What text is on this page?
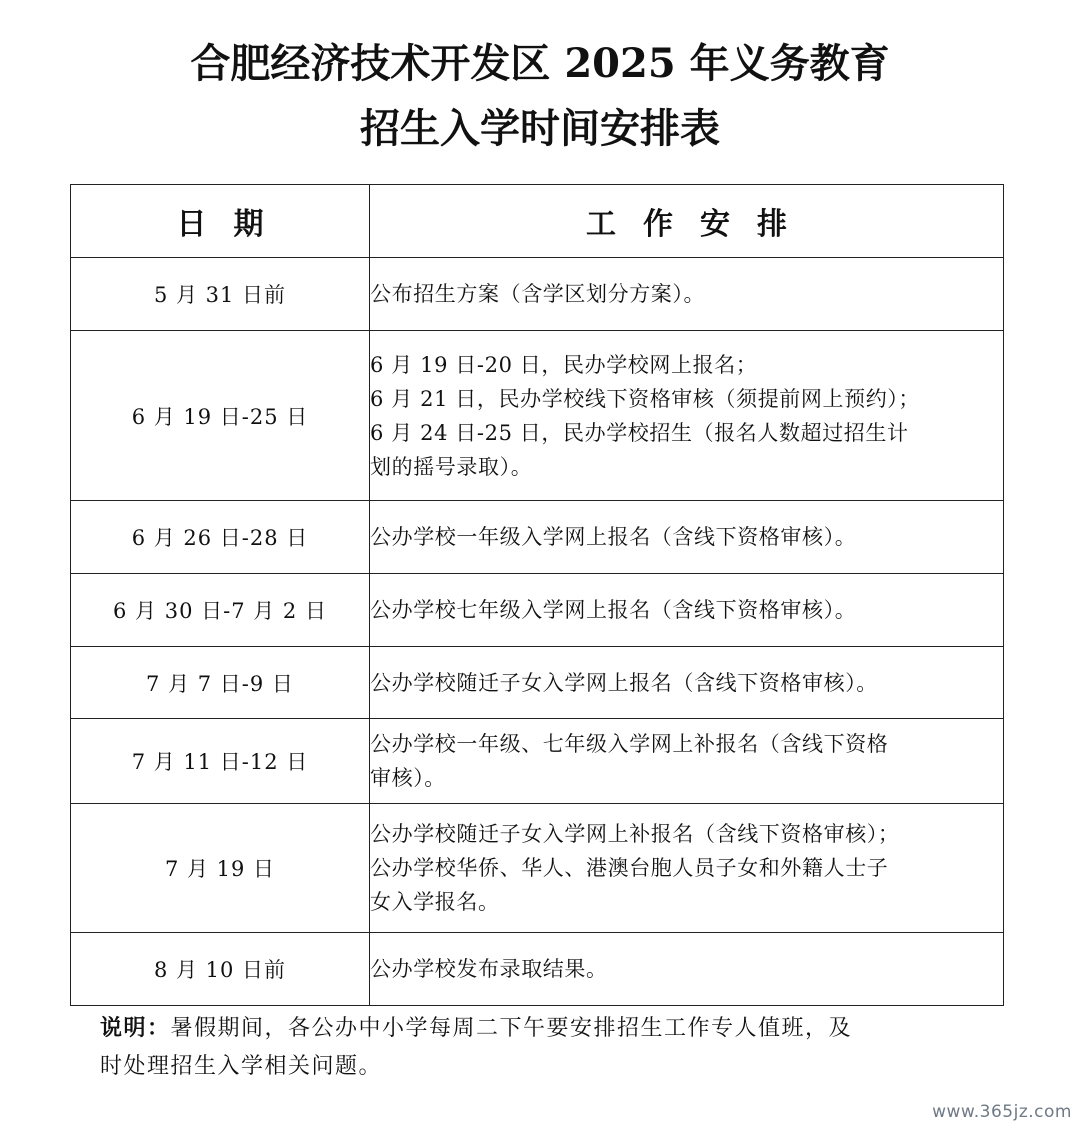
合肥经济技术开发区 2025 年义务教育
招生入学时间安排表
日期	工作安排
5 月 31 日前	公布招生方案（含学区划分方案）。

6 月 19 日-25 日	6 月 19 日-20 日，民办学校网上报名；
6 月 21 日，民办学校线下资格审核（须提前网上预约）；
6 月 24 日-25 日，民办学校招生（报名人数超过招生计
划的摇号录取）。

6 月 26 日-28 日	公办学校一年级入学网上报名（含线下资格审核）。

6 月 30 日-7 月 2 日	公办学校七年级入学网上报名（含线下资格审核）。

7 月 7 日-9 日	公办学校随迁子女入学网上报名（含线下资格审核）。

7 月 11 日-12 日	公办学校一年级、七年级入学网上补报名（含线下资格
审核）。

7 月 19 日	公办学校随迁子女入学网上补报名（含线下资格审核）；
公办学校华侨、华人、港澳台胞人员子女和外籍人士子
女入学报名。

8 月 10 日前	公办学校发布录取结果。
说明：暑假期间，各公办中小学每周二下午要安排招生工作专人值班，及
时处理招生入学相关问题。
www.365jz.com
